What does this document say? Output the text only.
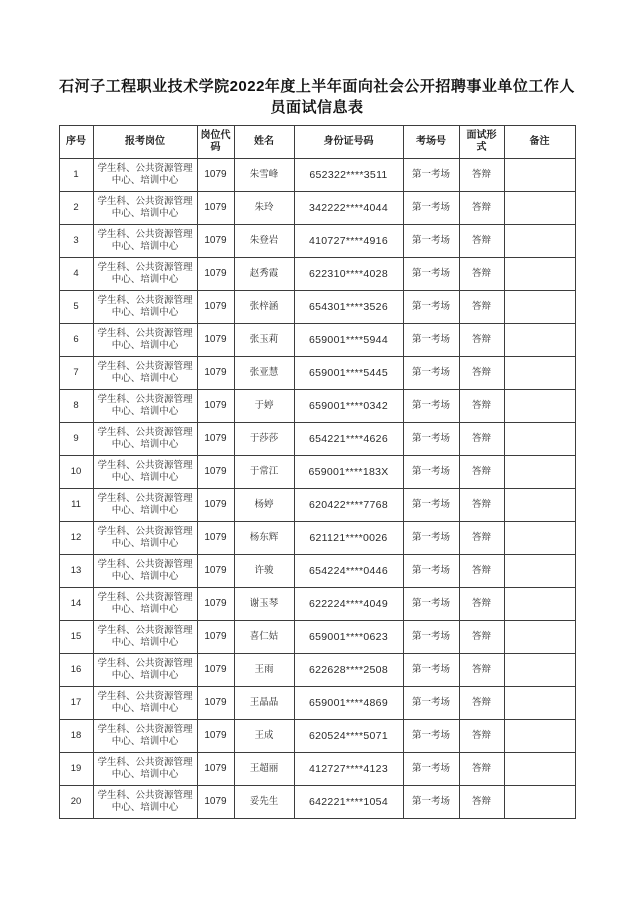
石河子工程职业技术学院2022年度上半年面向社会公开招聘事业单位工作人员面试信息表
序号	报考岗位	岗位代码	姓名	身份证号码	考场号	面试形式	备注
1	学生科、公共资源管理中心、培训中心	1079	朱雪峰	652322****3511	第一考场	答辩	
2	学生科、公共资源管理中心、培训中心	1079	朱玲	342222****4044	第一考场	答辩	
3	学生科、公共资源管理中心、培训中心	1079	朱登岩	410727****4916	第一考场	答辩	
4	学生科、公共资源管理中心、培训中心	1079	赵秀霞	622310****4028	第一考场	答辩	
5	学生科、公共资源管理中心、培训中心	1079	张梓涵	654301****3526	第一考场	答辩	
6	学生科、公共资源管理中心、培训中心	1079	张玉莉	659001****5944	第一考场	答辩	
7	学生科、公共资源管理中心、培训中心	1079	张亚慧	659001****5445	第一考场	答辩	
8	学生科、公共资源管理中心、培训中心	1079	于婷	659001****0342	第一考场	答辩	
9	学生科、公共资源管理中心、培训中心	1079	于莎莎	654221****4626	第一考场	答辩	
10	学生科、公共资源管理中心、培训中心	1079	于常江	659001****183X	第一考场	答辩	
11	学生科、公共资源管理中心、培训中心	1079	杨婷	620422****7768	第一考场	答辩	
12	学生科、公共资源管理中心、培训中心	1079	杨东辉	621121****0026	第一考场	答辩	
13	学生科、公共资源管理中心、培训中心	1079	许骏	654224****0446	第一考场	答辩	
14	学生科、公共资源管理中心、培训中心	1079	谢玉琴	622224****4049	第一考场	答辩	
15	学生科、公共资源管理中心、培训中心	1079	喜仁姑	659001****0623	第一考场	答辩	
16	学生科、公共资源管理中心、培训中心	1079	王雨	622628****2508	第一考场	答辩	
17	学生科、公共资源管理中心、培训中心	1079	王晶晶	659001****4869	第一考场	答辩	
18	学生科、公共资源管理中心、培训中心	1079	王成	620524****5071	第一考场	答辩	
19	学生科、公共资源管理中心、培训中心	1079	王超丽	412727****4123	第一考场	答辩	
20	学生科、公共资源管理中心、培训中心	1079	妥先生	642221****1054	第一考场	答辩	
